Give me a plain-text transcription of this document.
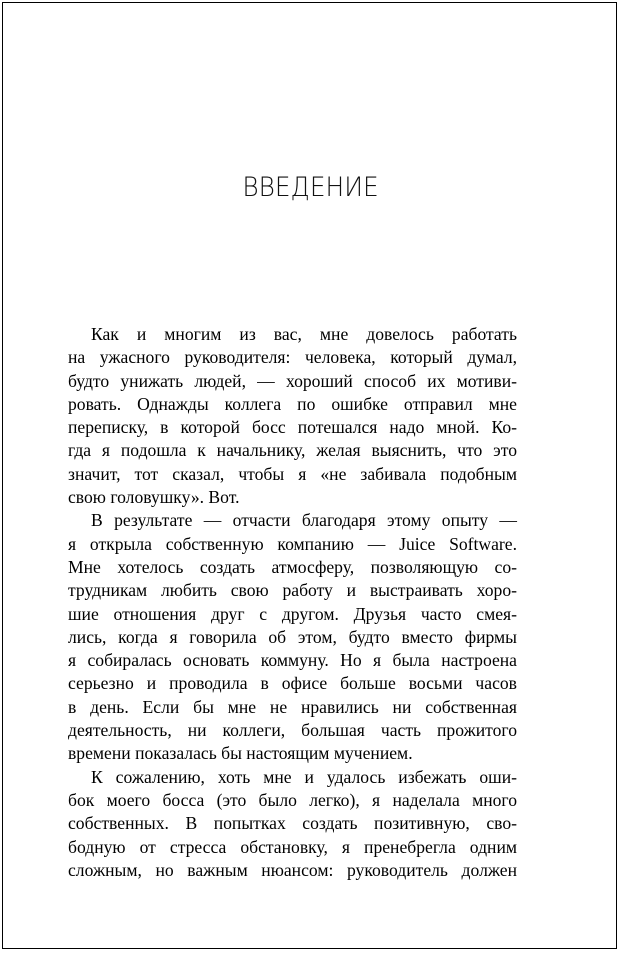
ВВЕДЕНИЕ
Как и многим из вас, мне довелось работать
на ужасного руководителя: человека, который думал,
будто унижать людей, — хороший способ их мотиви-
ровать. Однажды коллега по ошибке отправил мне
переписку, в которой босс потешался надо мной. Ко-
гда я подошла к начальнику, желая выяснить, что это
значит, тот сказал, чтобы я «не забивала подобным
свою головушку». Вот.
В результате — отчасти благодаря этому опыту —
я открыла собственную компанию — Juice Software.
Мне хотелось создать атмосферу, позволяющую со-
трудникам любить свою работу и выстраивать хоро-
шие отношения друг с другом. Друзья часто смея-
лись, когда я говорила об этом, будто вместо фирмы
я собиралась основать коммуну. Но я была настроена
серьезно и проводила в офисе больше восьми часов
в день. Если бы мне не нравились ни собственная
деятельность, ни коллеги, большая часть прожитого
времени показалась бы настоящим мучением.
К сожалению, хоть мне и удалось избежать оши-
бок моего босса (это было легко), я наделала много
собственных. В попытках создать позитивную, сво-
бодную от стресса обстановку, я пренебрегла одним
сложным, но важным нюансом: руководитель должен
